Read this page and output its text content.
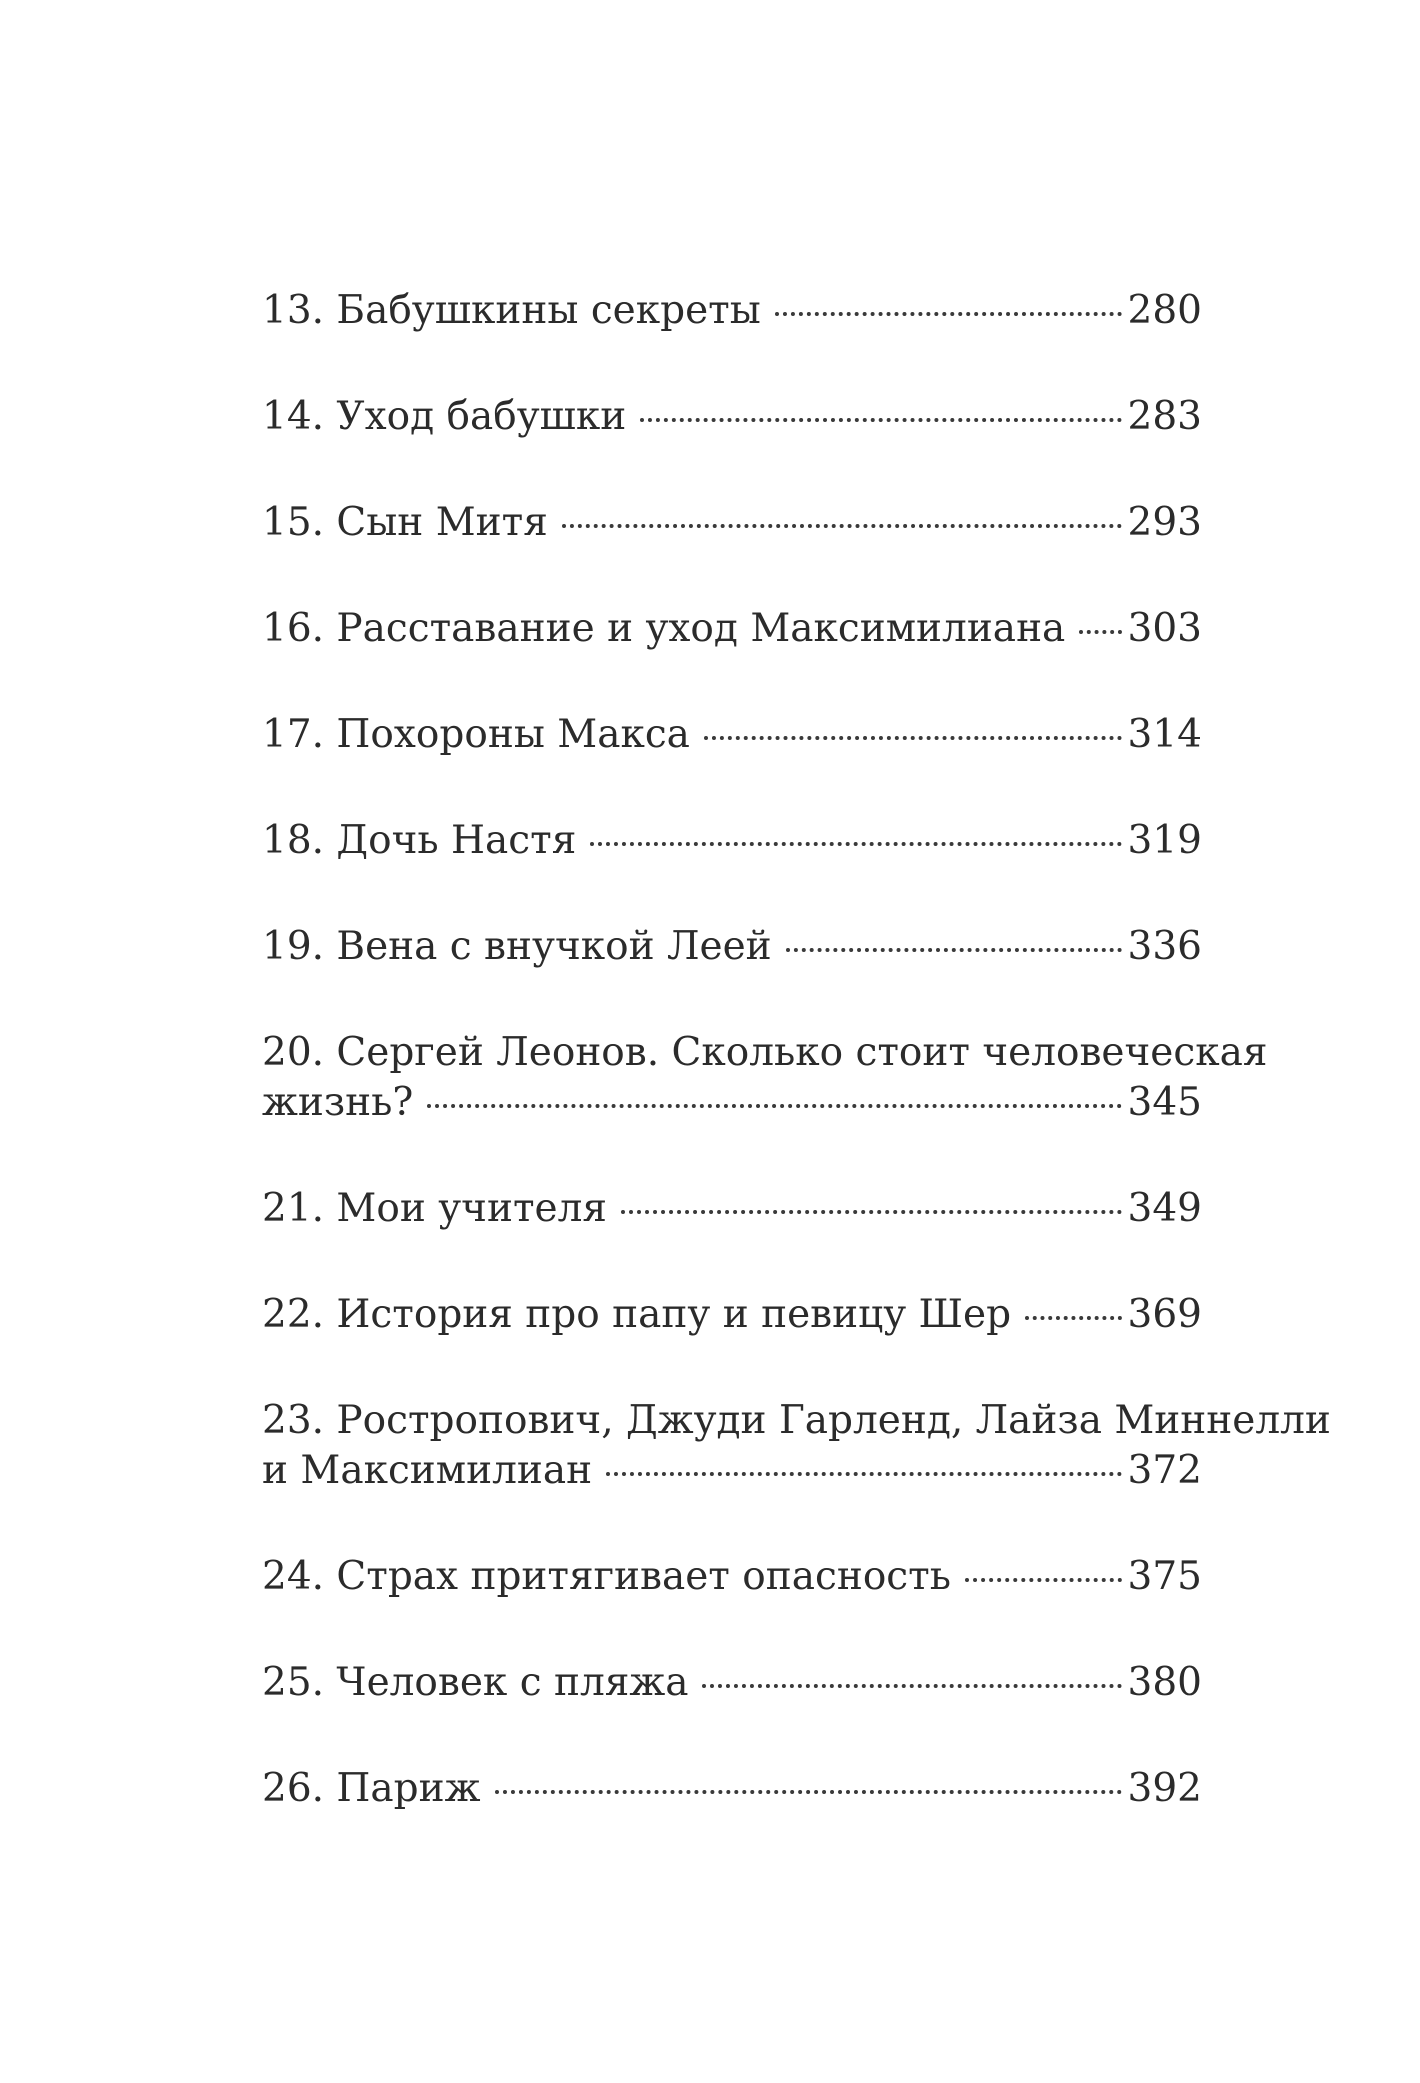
13. Бабушкины секреты	280
14. Уход бабушки	283
15. Сын Митя	293
16. Расставание и уход Максимилиана 303
17. Похороны Макса	314
18. Дочь Настя	319
19. Вена с внучкой Леей	336
20. Сергей Леонов. Сколько стоит человеческая
жизнь?	345
21. Мои учителя	349
22. История про папу и певицу Шер	369
23. Ростропович, Джуди Гарленд, Лайза Миннелли
и Максимилиан	372
24. Страх притягивает опасность	375
25. Человек с пляжа	380
26. Париж	392
